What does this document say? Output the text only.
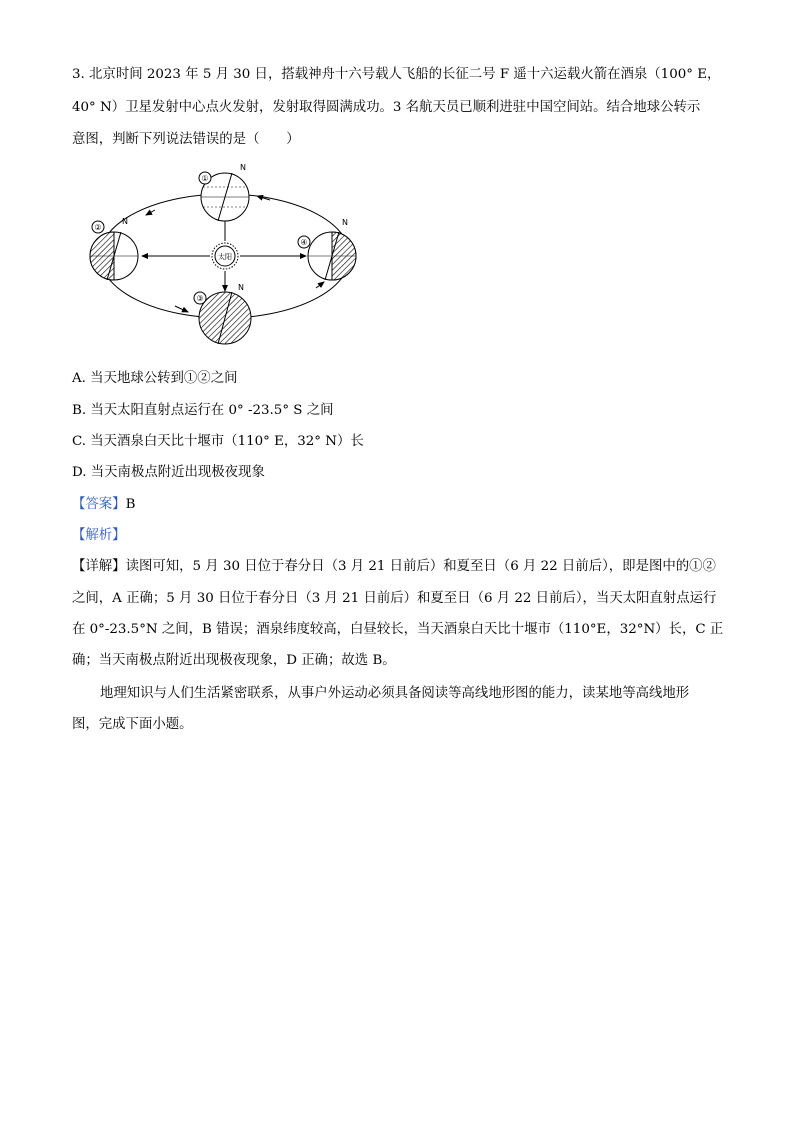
3. 北京时间 2023 年 5 月 30 日，搭载神舟十六号载人飞船的长征二号 F 遥十六运载火箭在酒泉（100° E，
40° N）卫星发射中心点火发射，发射取得圆满成功。3 名航天员已顺利进驻中国空间站。结合地球公转示
意图，判断下列说法错误的是（　　）
太阳
①
N
②
N
④
N
③
N
A. 当天地球公转到①②之间
B. 当天太阳直射点运行在 0° -23.5° S 之间
C. 当天酒泉白天比十堰市（110° E，32° N）长
D. 当天南极点附近出现极夜现象
【答案】B
【解析】
【详解】读图可知，5 月 30 日位于春分日（3 月 21 日前后）和夏至日（6 月 22 日前后），即是图中的①②
之间，A 正确；5 月 30 日位于春分日（3 月 21 日前后）和夏至日（6 月 22 日前后），当天太阳直射点运行
在 0°-23.5°N 之间，B 错误；酒泉纬度较高，白昼较长，当天酒泉白天比十堰市（110°E，32°N）长，C 正
确；当天南极点附近出现极夜现象，D 正确；故选 B。
地理知识与人们生活紧密联系，从事户外运动必须具备阅读等高线地形图的能力，读某地等高线地形
图，完成下面小题。
